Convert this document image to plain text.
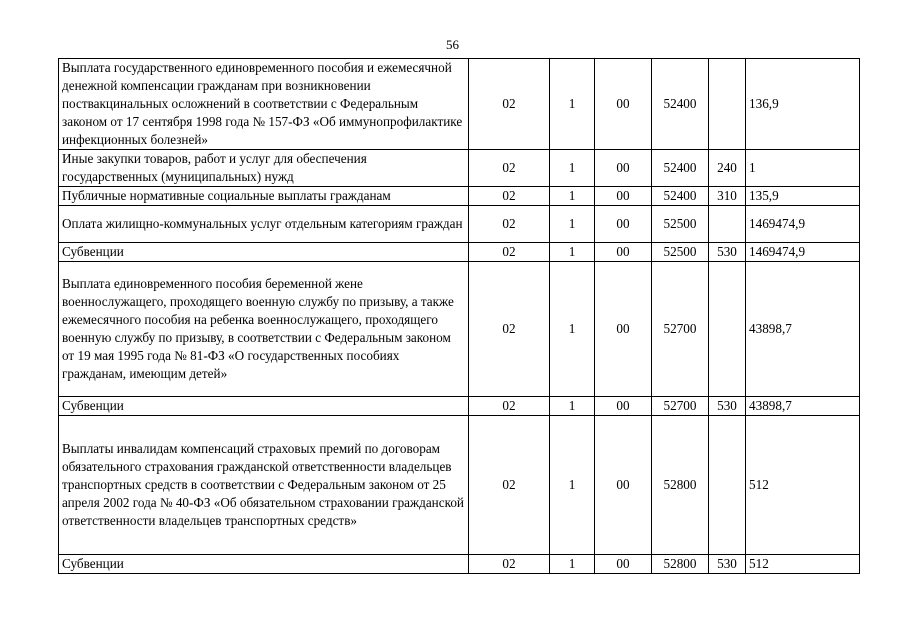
56
Выплата государственного единовременного пособия и ежемесячной денежной компенсации гражданам при возникновении поствакцинальных осложнений в соответствии с Федеральным законом от 17 сентября 1998 года № 157-ФЗ «Об иммунопрофилактике инфекционных болезней»	02	1	00	52400		136,9
Иные закупки товаров, работ и услуг для обеспечения государственных (муниципальных) нужд	02	1	00	52400	240	1
Публичные нормативные социальные выплаты гражданам	02	1	00	52400	310	135,9
Оплата жилищно-коммунальных услуг отдельным категориям граждан	02	1	00	52500		1469474,9
Субвенции	02	1	00	52500	530	1469474,9
Выплата единовременного пособия беременной жене военнослужащего, проходящего военную службу по призыву, а также ежемесячного пособия на ребенка военнослужащего, проходящего военную службу по призыву, в соответствии с Федеральным законом от 19 мая 1995 года № 81-ФЗ «О государственных пособиях гражданам, имеющим детей»	02	1	00	52700		43898,7
Субвенции	02	1	00	52700	530	43898,7
Выплаты инвалидам компенсаций страховых премий по договорам обязательного страхования гражданской ответственности владельцев транспортных средств в соответствии с Федеральным законом от 25 апреля 2002 года № 40-ФЗ «Об обязательном страховании гражданской ответственности владельцев транспортных средств»	02	1	00	52800		512
Субвенции	02	1	00	52800	530	512
